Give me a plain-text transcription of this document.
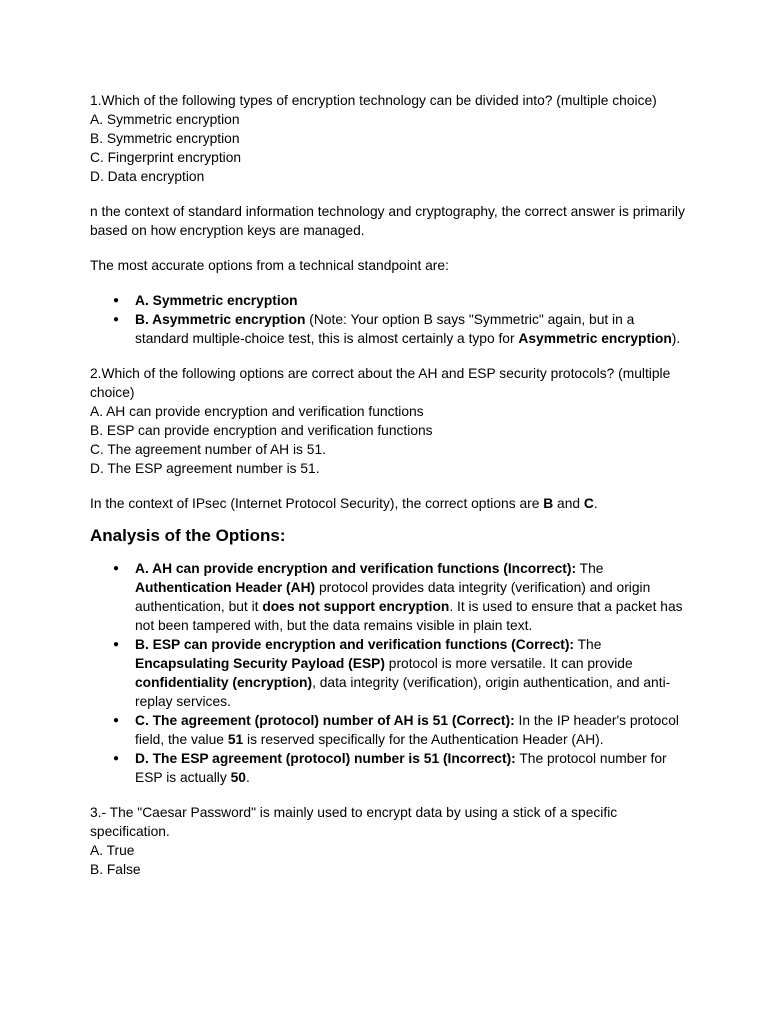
1.Which of the following types of encryption technology can be divided into? (multiple choice)

A. Symmetric encryption

B. Symmetric encryption

C. Fingerprint encryption

D. Data encryption

n the context of standard information technology and cryptography, the correct answer is primarily based on how encryption keys are managed.

The most accurate options from a technical standpoint are:

● A. Symmetric encryption
● B. Asymmetric encryption (Note: Your option B says "Symmetric" again, but in a standard multiple-choice test, this is almost certainly a typo for Asymmetric encryption).

2.Which of the following options are correct about the AH and ESP security protocols? (multiple choice)

A. AH can provide encryption and verification functions

B. ESP can provide encryption and verification functions

C. The agreement number of AH is 51.

D. The ESP agreement number is 51.

In the context of IPsec (Internet Protocol Security), the correct options are B and C.

Analysis of the Options:
● A. AH can provide encryption and verification functions (Incorrect): The Authentication Header (AH) protocol provides data integrity (verification) and origin authentication, but it does not support encryption. It is used to ensure that a packet has not been tampered with, but the data remains visible in plain text.
● B. ESP can provide encryption and verification functions (Correct): The Encapsulating Security Payload (ESP) protocol is more versatile. It can provide confidentiality (encryption), data integrity (verification), origin authentication, and anti-replay services.
● C. The agreement (protocol) number of AH is 51 (Correct): In the IP header's protocol field, the value 51 is reserved specifically for the Authentication Header (AH).
● D. The ESP agreement (protocol) number is 51 (Incorrect): The protocol number for ESP is actually 50.

3.- The "Caesar Password" is mainly used to encrypt data by using a stick of a specific specification.

A. True

B. False
